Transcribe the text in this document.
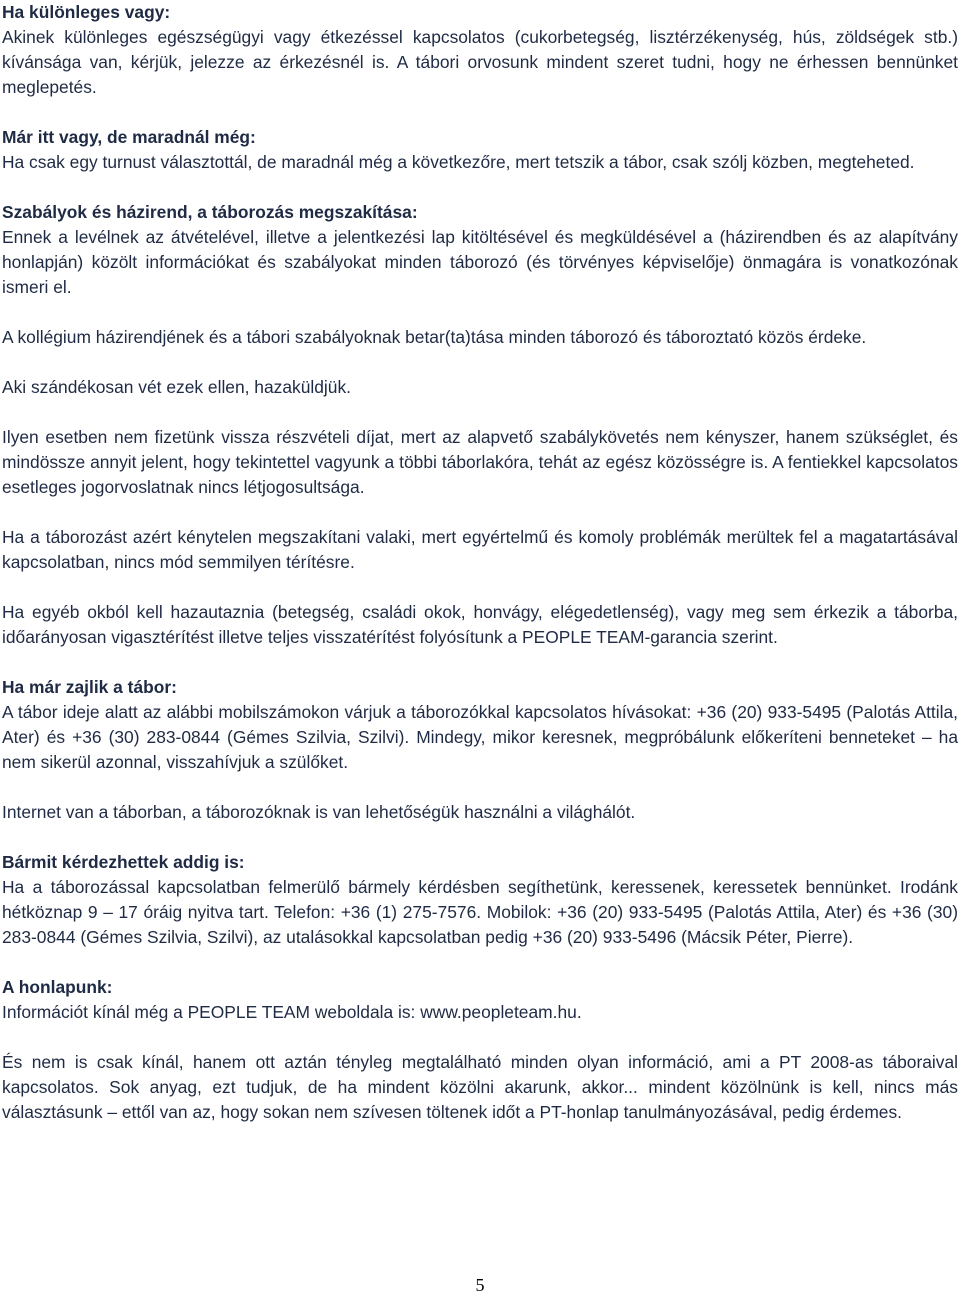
Ha különleges vagy:
Akinek különleges egészségügyi vagy étkezéssel kapcsolatos (cukorbetegség, lisztérzékenység, hús, zöldségek stb.) kívánsága van, kérjük, jelezze az érkezésnél is. A tábori orvosunk mindent szeret tudni, hogy ne érhessen bennünket meglepetés.
Már itt vagy, de maradnál még:
Ha csak egy turnust választottál, de maradnál még a következőre, mert tetszik a tábor, csak szólj közben, megteheted.
Szabályok és házirend, a táborozás megszakítása:
Ennek a levélnek az átvételével, illetve a jelentkezési lap kitöltésével és megküldésével a (házirendben és az alapítvány honlapján) közölt információkat és szabályokat minden táborozó (és törvényes képviselője) önmagára is vonatkozónak ismeri el.
A kollégium házirendjének és a tábori szabályoknak betar(ta)tása minden táborozó és táboroztató közös érdeke.
Aki szándékosan vét ezek ellen, hazaküldjük.
Ilyen esetben nem fizetünk vissza részvételi díjat, mert az alapvető szabálykövetés nem kényszer, hanem szükséglet, és mindössze annyit jelent, hogy tekintettel vagyunk a többi táborlakóra, tehát az egész közösségre is. A fentiekkel kapcsolatos esetleges jogorvoslatnak nincs létjogosultsága.
Ha a táborozást azért kénytelen megszakítani valaki, mert egyértelmű és komoly problémák merültek fel a magatartásával kapcsolatban, nincs mód semmilyen térítésre.
Ha egyéb okból kell hazautaznia (betegség, családi okok, honvágy, elégedetlenség), vagy meg sem érkezik a táborba, időarányosan vigasztérítést illetve teljes visszatérítést folyósítunk a PEOPLE TEAM-garancia szerint.
Ha már zajlik a tábor:
A tábor ideje alatt az alábbi mobilszámokon várjuk a táborozókkal kapcsolatos hívásokat: +36 (20) 933-5495 (Palotás Attila, Ater) és +36 (30) 283-0844 (Gémes Szilvia, Szilvi). Mindegy, mikor keresnek, megpróbálunk előkeríteni benneteket – ha nem sikerül azonnal, visszahívjuk a szülőket.
Internet van a táborban, a táborozóknak is van lehetőségük használni a világhálót.
Bármit kérdezhettek addig is:
Ha a táborozással kapcsolatban felmerülő bármely kérdésben segíthetünk, keressenek, keressetek bennünket. Irodánk hétköznap 9 – 17 óráig nyitva tart. Telefon: +36 (1) 275-7576. Mobilok: +36 (20) 933-5495 (Palotás Attila, Ater) és +36 (30) 283-0844 (Gémes Szilvia, Szilvi), az utalásokkal kapcsolatban pedig +36 (20) 933-5496 (Mácsik Péter, Pierre).
A honlapunk:
Információt kínál még a PEOPLE TEAM weboldala is: www.peopleteam.hu.
És nem is csak kínál, hanem ott aztán tényleg megtalálható minden olyan információ, ami a PT 2008-as táboraival kapcsolatos. Sok anyag, ezt tudjuk, de ha mindent közölni akarunk, akkor... mindent közölnünk is kell, nincs más választásunk – ettől van az, hogy sokan nem szívesen töltenek időt a PT-honlap tanulmányozásával, pedig érdemes.
5
